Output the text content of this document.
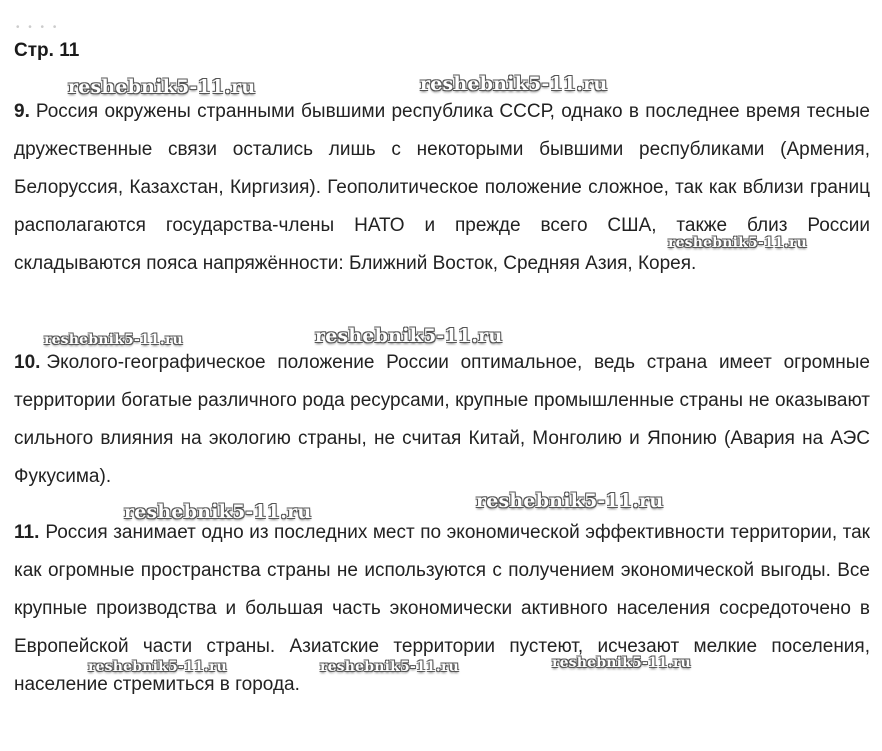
• • • •
Стр. 11

9. Россия окружены странными бывшими республика СССР, однако в последнее время тесные дружественные связи остались лишь с некоторыми бывшими республиками (Армения, Белоруссия, Казахстан, Киргизия). Геополитическое положение сложное, так как вблизи границ располагаются государства-члены НАТО и прежде всего США, также близ России складываются пояса напряжённости: Ближний Восток, Средняя Азия, Корея.

10. Эколого-географическое положение России оптимальное, ведь страна имеет огромные территории богатые различного рода ресурсами, крупные промышленные страны не оказывают сильного влияния на экологию страны, не считая Китай, Монголию и Японию (Авария на АЭС Фукусима).

11. Россия занимает одно из последних мест по экономической эффективности территории, так как огромные пространства страны не используются с получением экономической выгоды. Все крупные производства и большая часть экономически активного населения сосредоточено в Европейской части страны. Азиатские территории пустеют, исчезают мелкие поселения, население стремиться в города.

reshebnik5-11.ru	reshebnik5-11.ru
reshebnik5-11.ru
reshebnik5-11.ru	reshebnik5-11.ru
reshebnik5-11.ru
reshebnik5-11.ru
reshebnik5-11.ru	reshebnik5-11.ru	reshebnik5-11.ru
